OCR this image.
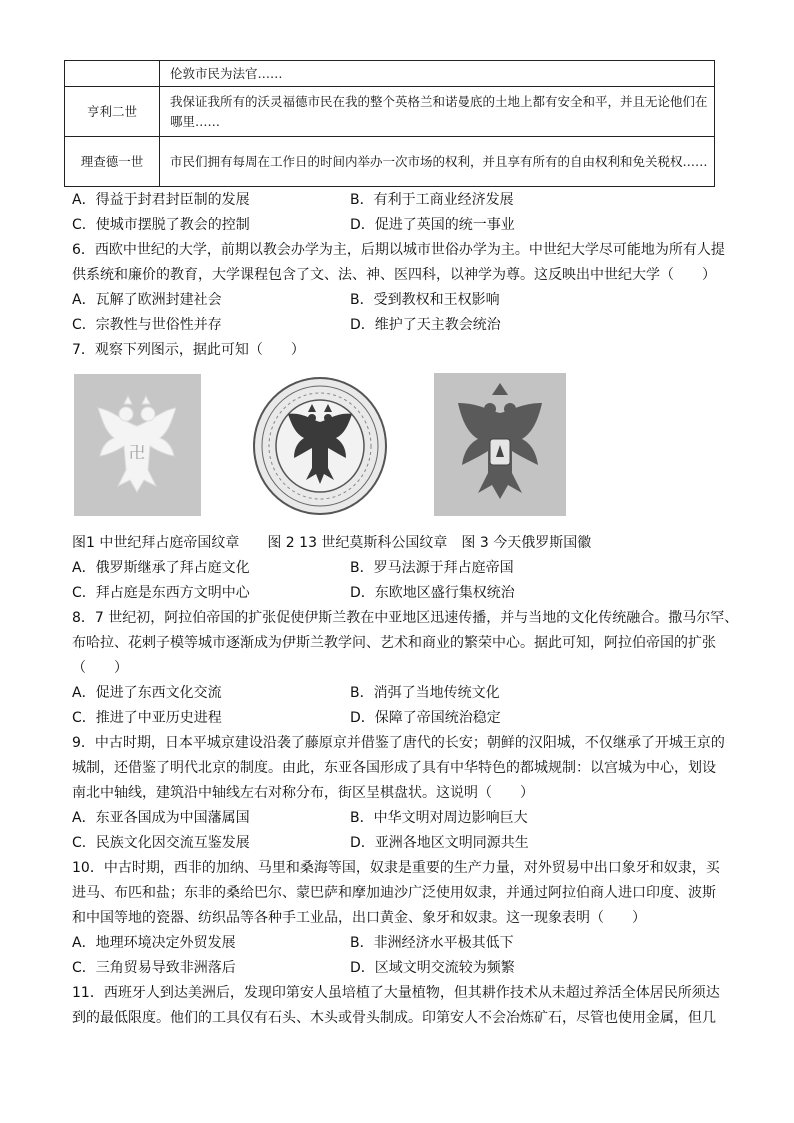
	伦敦市民为法官……
亨利二世	我保证我所有的沃灵福德市民在我的整个英格兰和诺曼底的土地上都有安全和平，并且无论他们在哪里……
理查德一世	市民们拥有每周在工作日的时间内举办一次市场的权利，并且享有所有的自由权利和免关税权……
A．得益于封君封臣制的发展	B．有利于工商业经济发展
C．使城市摆脱了教会的控制	D．促进了英国的统一事业
6．西欧中世纪的大学，前期以教会办学为主，后期以城市世俗办学为主。中世纪大学尽可能地为所有人提
供系统和廉价的教育，大学课程包含了文、法、神、医四科，以神学为尊。这反映出中世纪大学（　　）
A．瓦解了欧洲封建社会	B．受到教权和王权影响
C．宗教性与世俗性并存	D．维护了天主教会统治
7．观察下列图示，据此可知（　　）
卍
图1 中世纪拜占庭帝国纹章　　图 2 13 世纪莫斯科公国纹章　图 3 今天俄罗斯国徽
A．俄罗斯继承了拜占庭文化	B．罗马法源于拜占庭帝国
C．拜占庭是东西方文明中心	D．东欧地区盛行集权统治
8．7 世纪初，阿拉伯帝国的扩张促使伊斯兰教在中亚地区迅速传播，并与当地的文化传统融合。撒马尔罕、
布哈拉、花剌子模等城市逐渐成为伊斯兰教学问、艺术和商业的繁荣中心。据此可知，阿拉伯帝国的扩张
（　　）
A．促进了东西文化交流	B．消弭了当地传统文化
C．推进了中亚历史进程	D．保障了帝国统治稳定
9．中古时期，日本平城京建设沿袭了藤原京并借鉴了唐代的长安；朝鲜的汉阳城，不仅继承了开城王京的
城制，还借鉴了明代北京的制度。由此，东亚各国形成了具有中华特色的都城规制：以宫城为中心，划设
南北中轴线，建筑沿中轴线左右对称分布，街区呈棋盘状。这说明（　　）
A．东亚各国成为中国藩属国	B．中华文明对周边影响巨大
C．民族文化因交流互鉴发展	D．亚洲各地区文明同源共生
10．中古时期，西非的加纳、马里和桑海等国，奴隶是重要的生产力量，对外贸易中出口象牙和奴隶，买
进马、布匹和盐；东非的桑给巴尔、蒙巴萨和摩加迪沙广泛使用奴隶，并通过阿拉伯商人进口印度、波斯
和中国等地的瓷器、纺织品等各种手工业品，出口黄金、象牙和奴隶。这一现象表明（　　）
A．地理环境决定外贸发展	B．非洲经济水平极其低下
C．三角贸易导致非洲落后	D．区域文明交流较为频繁
11．西班牙人到达美洲后，发现印第安人虽培植了大量植物，但其耕作技术从未超过养活全体居民所须达
到的最低限度。他们的工具仅有石头、木头或骨头制成。印第安人不会冶炼矿石，尽管也使用金属，但几
